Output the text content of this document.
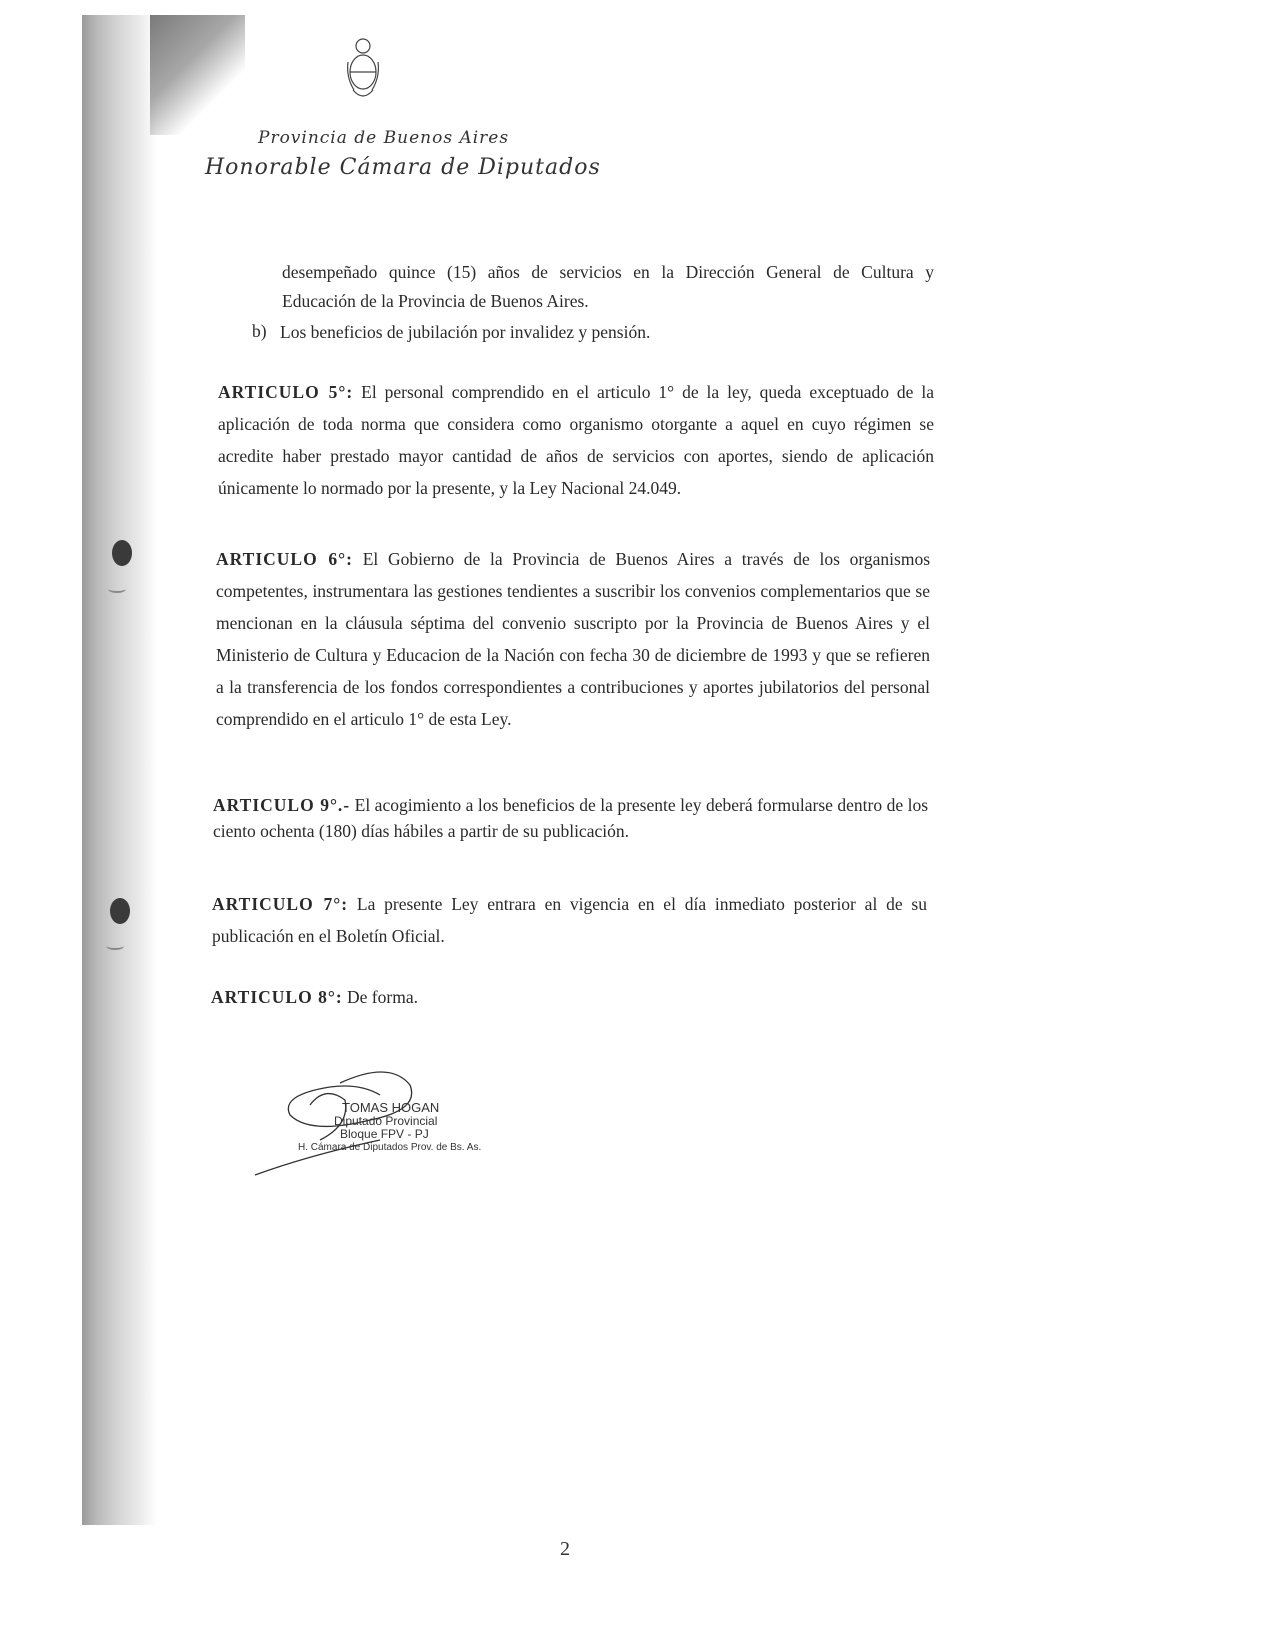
Provincia de Buenos Aires
Honorable Cámara de Diputados
desempeñado quince (15) años de servicios en la Dirección General de Cultura y
Educación de la Provincia de Buenos Aires.
b) Los beneficios de jubilación por invalidez y pensión.

ARTICULO 5°: El personal comprendido en el articulo 1° de la ley, queda exceptuado de la aplicación de toda norma que considera como organismo otorgante a aquel en cuyo régimen se acredite haber prestado mayor cantidad de años de servicios con aportes, siendo de aplicación únicamente lo normado por la presente, y la Ley Nacional 24.049.

ARTICULO 6°: El Gobierno de la Provincia de Buenos Aires a través de los organismos competentes, instrumentara las gestiones tendientes a suscribir los convenios complementarios que se mencionan en la cláusula séptima del convenio suscripto por la Provincia de Buenos Aires y el Ministerio de Cultura y Educacion de la Nación con fecha 30 de diciembre de 1993 y que se refieren a la transferencia de los fondos correspondientes a contribuciones y aportes jubilatorios del personal comprendido en el articulo 1° de esta Ley.

ARTICULO 9°.- El acogimiento a los beneficios de la presente ley deberá formularse dentro de los ciento ochenta (180) días hábiles a partir de su publicación.

ARTICULO 7°: La presente Ley entrara en vigencia en el día inmediato posterior al de su publicación en el Boletín Oficial.

ARTICULO 8°: De forma.

TOMAS HOGAN
Diputado Provincial
Bloque FPV - PJ
H. Cámara de Diputados Prov. de Bs. As.
2
